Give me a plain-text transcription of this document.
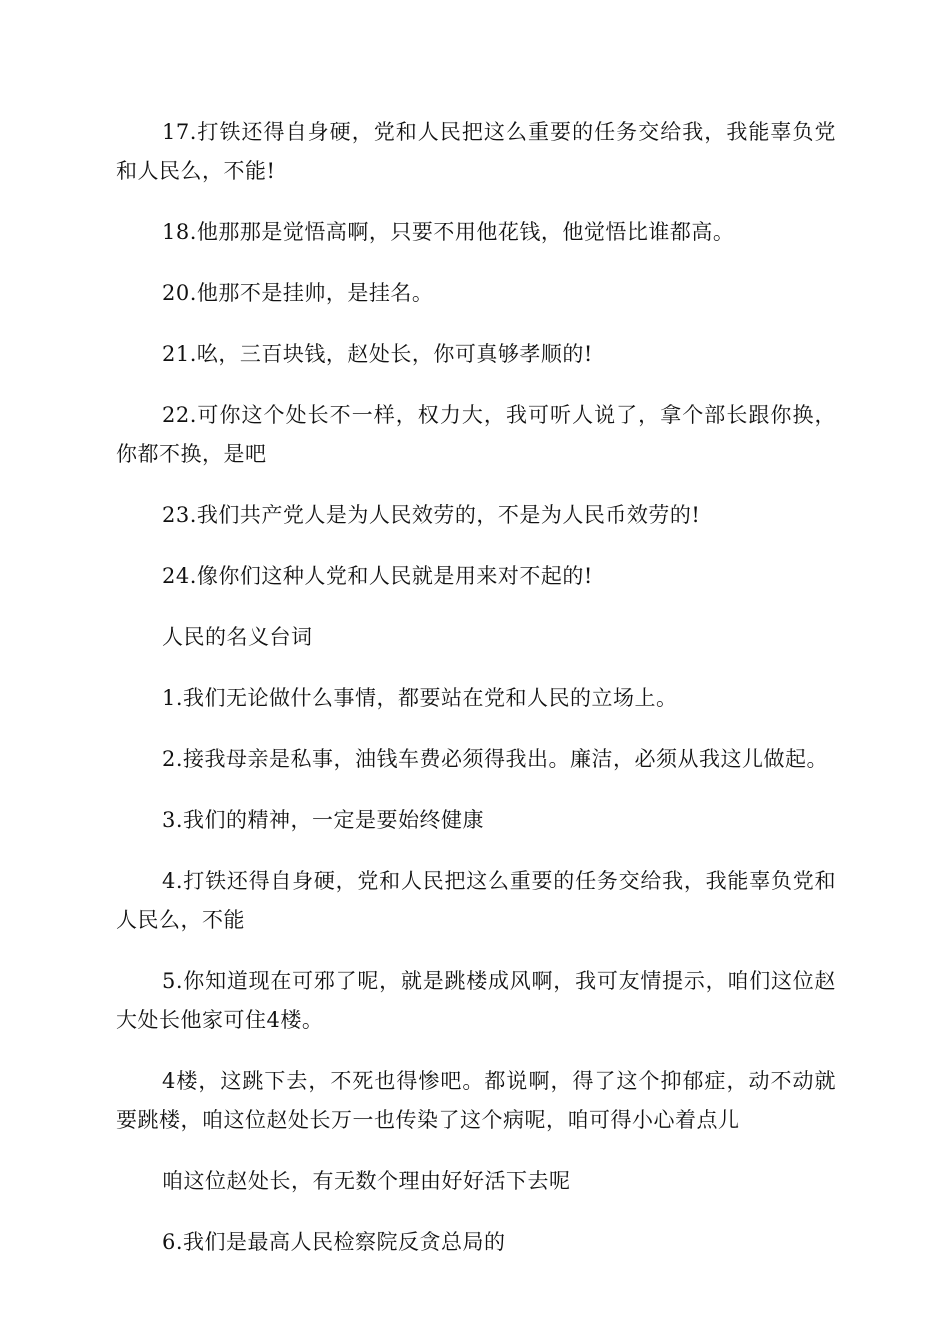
17.打铁还得自身硬，党和人民把这么重要的任务交给我，我能辜负党和人民么，不能!

18.他那那是觉悟高啊，只要不用他花钱，他觉悟比谁都高。

20.他那不是挂帅，是挂名。

21.吆，三百块钱，赵处长，你可真够孝顺的!

22.可你这个处长不一样，权力大，我可听人说了，拿个部长跟你换，你都不换，是吧

23.我们共产党人是为人民效劳的，不是为人民币效劳的!

24.像你们这种人党和人民就是用来对不起的!

人民的名义台词

1.我们无论做什么事情，都要站在党和人民的立场上。

2.接我母亲是私事，油钱车费必须得我出。廉洁，必须从我这儿做起。

3.我们的精神，一定是要始终健康

4.打铁还得自身硬，党和人民把这么重要的任务交给我，我能辜负党和人民么，不能

5.你知道现在可邪了呢，就是跳楼成风啊，我可友情提示，咱们这位赵大处长他家可住4楼。

4楼，这跳下去，不死也得惨吧。都说啊，得了这个抑郁症，动不动就要跳楼，咱这位赵处长万一也传染了这个病呢，咱可得小心着点儿

咱这位赵处长，有无数个理由好好活下去呢

6.我们是最高人民检察院反贪总局的
